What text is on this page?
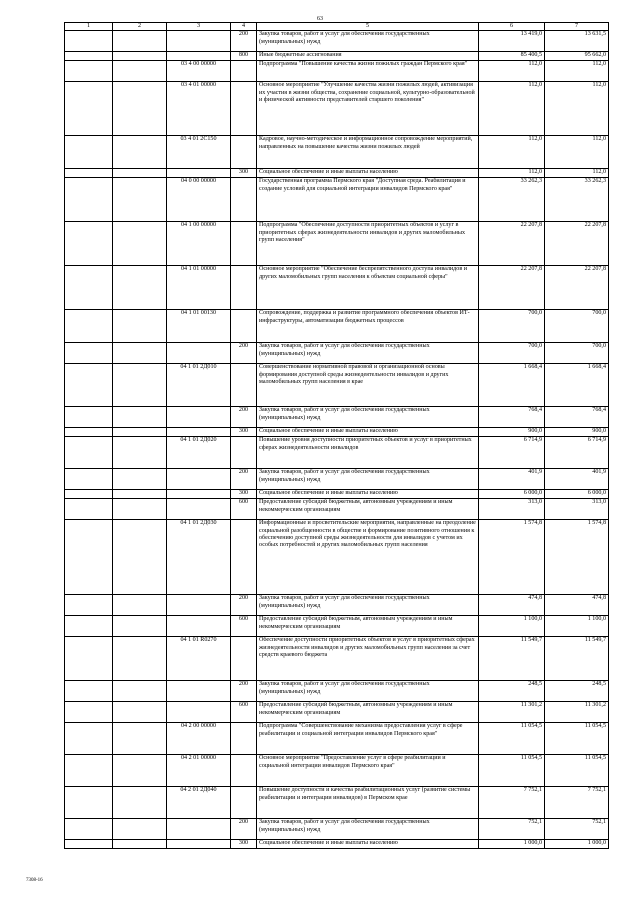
63
1	2	3	4	5	6	7
			200	Закупка товаров, работ и услуг для обеспечения государственных (муниципальных) нужд	13 419,0	13 631,5
			800	Иные бюджетные ассигнования	85 400,5	95 662,0
		03 4 00 00000		Подпрограмма "Повышение качества жизни пожилых граждан Пермского края"	112,0	112,0
		03 4 01 00000		Основное мероприятие "Улучшение качества жизни пожилых людей, активизация их участия в жизни общества, сохранение социальной, культурно-образовательной и физической активности представителей старшего поколения"	112,0	112,0
		03 4 01 2С150		Кадровое, научно-методическое и информационное сопровождение мероприятий, направленных на повышение качества жизни пожилых людей	112,0	112,0
			300	Социальное обеспечение и иные выплаты населению	112,0	112,0
		04 0 00 00000		Государственная программа Пермского края "Доступная среда. Реабилитация и создание условий для социальной интеграции инвалидов Пермского края"	33 262,3	33 262,3
		04 1 00 00000		Подпрограмма "Обеспечение доступности приоритетных объектов и услуг в приоритетных сферах жизнедеятельности инвалидов и других маломобильных групп населения"	22 207,8	22 207,8
		04 1 01 00000		Основное мероприятие "Обеспечение беспрепятственного доступа инвалидов и других маломобильных групп населения к объектам социальной сферы"	22 207,8	22 207,8
		04 1 01 00130		Сопровождение, поддержка и развитие программного обеспечения объектов ИТ-инфраструктуры, автоматизации бюджетных процессов	700,0	700,0
			200	Закупка товаров, работ и услуг для обеспечения государственных (муниципальных) нужд	700,0	700,0
		04 1 01 2Д010		Совершенствование нормативной правовой и организационной основы формирования доступной среды жизнедеятельности инвалидов и других маломобильных групп населения в крае	1 668,4	1 668,4
			200	Закупка товаров, работ и услуг для обеспечения государственных (муниципальных) нужд	768,4	768,4
			300	Социальное обеспечение и иные выплаты населению	900,0	900,0
		04 1 01 2Д020		Повышение уровня доступности приоритетных объектов и услуг в приоритетных сферах жизнедеятельности инвалидов	6 714,9	6 714,9
			200	Закупка товаров, работ и услуг для обеспечения государственных (муниципальных) нужд	401,9	401,9
			300	Социальное обеспечение и иные выплаты населению	6 000,0	6 000,0
			600	Предоставление субсидий бюджетным, автономным учреждениям и иным некоммерческим организациям	313,0	313,0
		04 1 01 2Д030		Информационные и просветительские мероприятия, направленные на преодоление социальной разобщенности в обществе и формирование позитивного отношения к обеспечению доступной среды жизнедеятельности для инвалидов с учетом их особых потребностей и других маломобильных групп населения	1 574,8	1 574,8
			200	Закупка товаров, работ и услуг для обеспечения государственных (муниципальных) нужд	474,8	474,8
			600	Предоставление субсидий бюджетным, автономным учреждениям и иным некоммерческим организациям	1 100,0	1 100,0
		04 1 01 R0270		Обеспечение доступности приоритетных объектов и услуг в приоритетных сферах жизнедеятельности инвалидов и других маломобильных групп населения за счет средств краевого бюджета	11 549,7	11 549,7
			200	Закупка товаров, работ и услуг для обеспечения государственных (муниципальных) нужд	248,5	248,5
			600	Предоставление субсидий бюджетным, автономным учреждениям и иным некоммерческим организациям	11 301,2	11 301,2
		04 2 00 00000		Подпрограмма "Совершенствование механизма предоставления услуг в сфере реабилитации и социальной интеграции инвалидов Пермского края"	11 054,5	11 054,5
		04 2 01 00000		Основное мероприятие "Предоставление услуг в сфере реабилитации и социальной интеграции инвалидов Пермского края"	11 054,5	11 054,5
		04 2 01 2Д040		Повышение доступности и качества реабилитационных услуг (развитие системы реабилитации и интеграции инвалидов) в Пермском крае	7 752,1	7 752,1
			200	Закупка товаров, работ и услуг для обеспечения государственных (муниципальных) нужд	752,1	752,1
			300	Социальное обеспечение и иные выплаты населению	1 000,0	1 000,0
7308-16
